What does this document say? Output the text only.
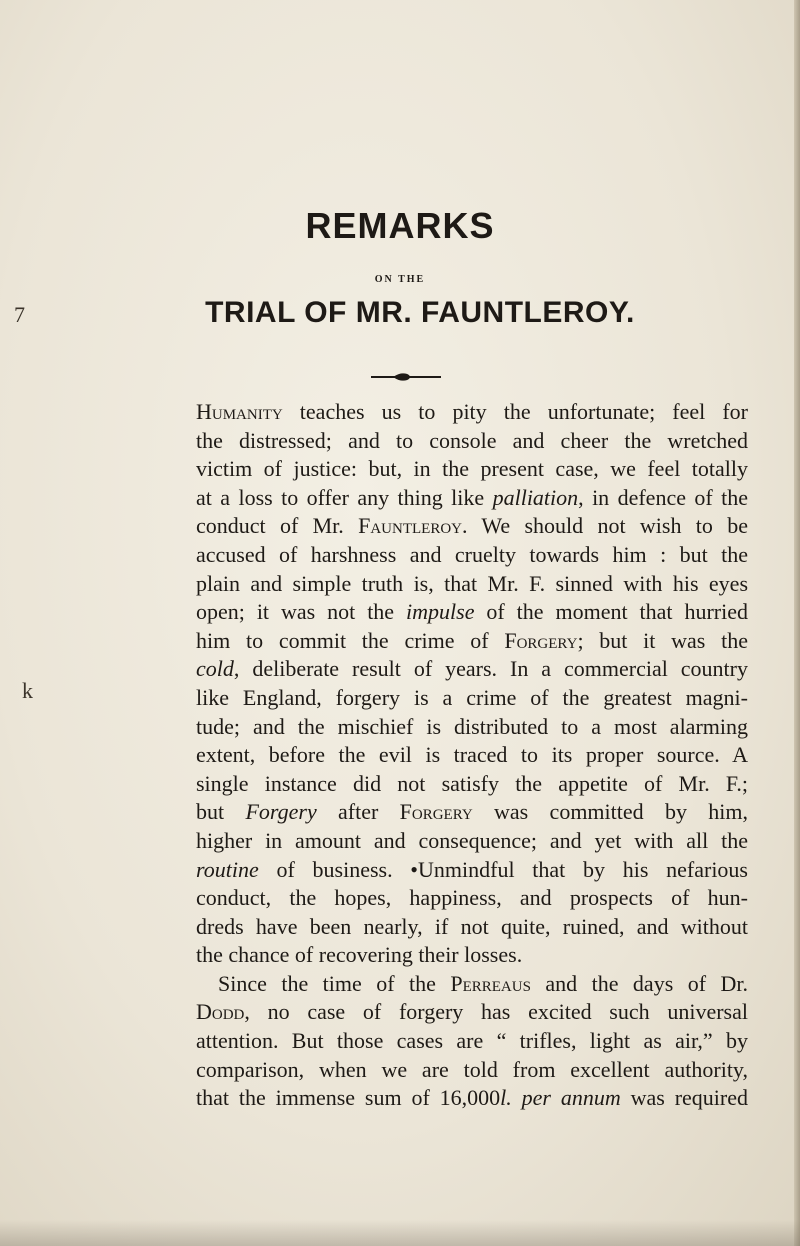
REMARKS
ON THE
TRIAL OF MR. FAUNTLEROY.
7
k
Humanity teaches us to pity the unfortunate; feel for
the distressed; and to console and cheer the wretched
victim of justice: but, in the present case, we feel totally
at a loss to offer any thing like palliation, in defence of the
conduct of Mr. Fauntleroy. We should not wish to be
accused of harshness and cruelty towards him : but the
plain and simple truth is, that Mr. F. sinned with his eyes
open; it was not the impulse of the moment that hurried
him to commit the crime of Forgery; but it was the
cold, deliberate result of years. In a commercial country
like England, forgery is a crime of the greatest magni-
tude; and the mischief is distributed to a most alarming
extent, before the evil is traced to its proper source. A
single instance did not satisfy the appetite of Mr. F.;
but Forgery after Forgery was committed by him,
higher in amount and consequence; and yet with all the
routine of business. •Unmindful that by his nefarious
conduct, the hopes, happiness, and prospects of hun-
dreds have been nearly, if not quite, ruined, and without
the chance of recovering their losses.
Since the time of the Perreaus and the days of Dr.
Dodd, no case of forgery has excited such universal
attention. But those cases are “ trifles, light as air,” by
comparison, when we are told from excellent authority,
that the immense sum of 16,000l. per annum was required
